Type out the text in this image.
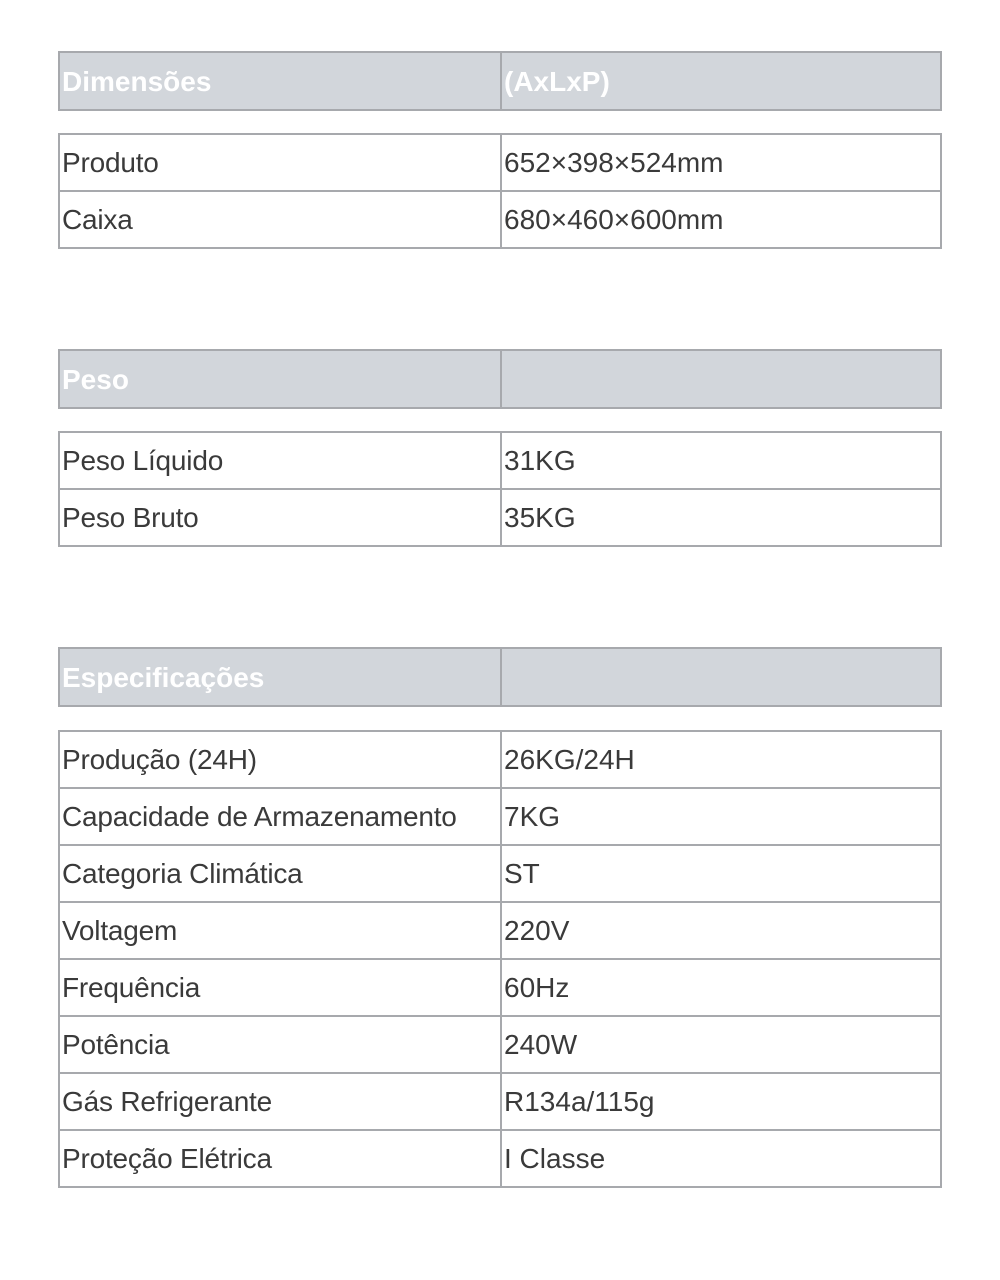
Dimensões	(AxLxP)
Produto	652×398×524mm
Caixa	680×460×600mm
Peso	
Peso Líquido	31KG
Peso Bruto	35KG
Especificações	
Produção (24H)	26KG/24H
Capacidade de Armazenamento	7KG
Categoria Climática	ST
Voltagem	220V
Frequência	60Hz
Potência	240W
Gás Refrigerante	R134a/115g
Proteção Elétrica	I Classe
